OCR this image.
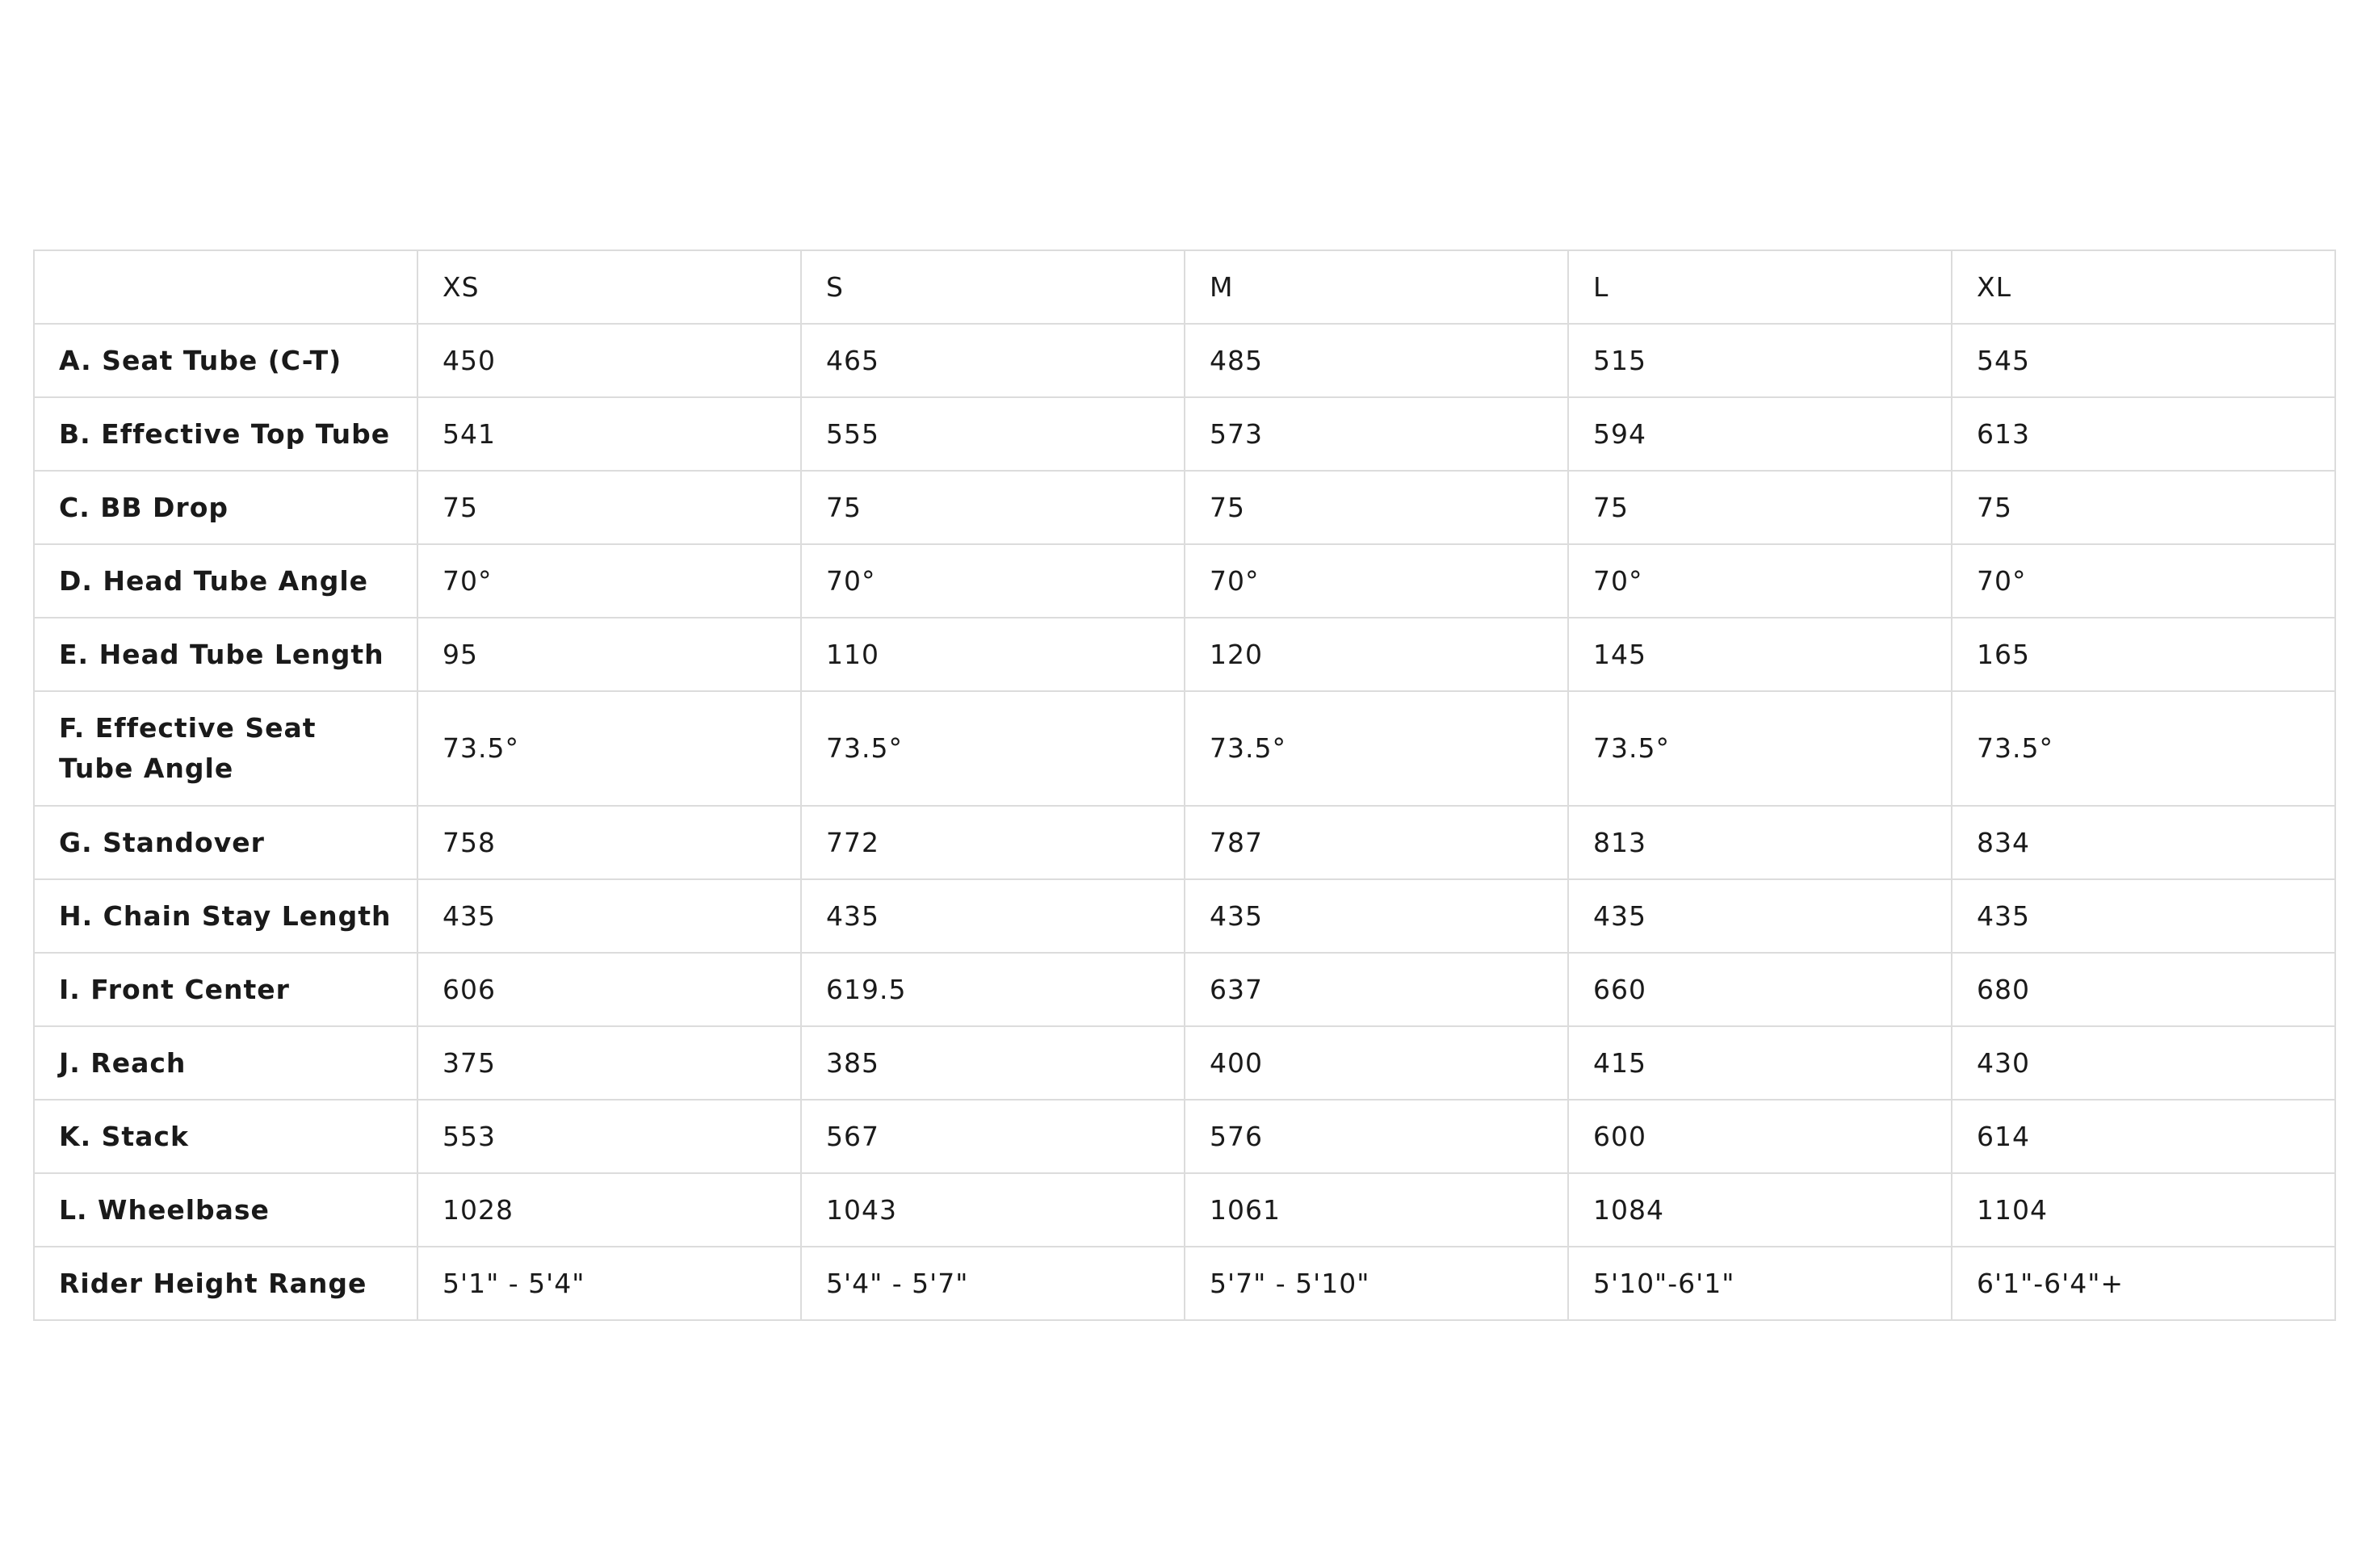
	XS	S	M	L	XL
A. Seat Tube (C-T)	450	465	485	515	545
B. Effective Top Tube	541	555	573	594	613
C. BB Drop	75	75	75	75	75
D. Head Tube Angle	70°	70°	70°	70°	70°
E. Head Tube Length	95	110	120	145	165
F. Effective Seat Tube Angle	73.5°	73.5°	73.5°	73.5°	73.5°
G. Standover	758	772	787	813	834
H. Chain Stay Length	435	435	435	435	435
I. Front Center	606	619.5	637	660	680
J. Reach	375	385	400	415	430
K. Stack	553	567	576	600	614
L. Wheelbase	1028	1043	1061	1084	1104
Rider Height Range	5'1" - 5'4"	5'4" - 5'7"	5'7" - 5'10"	5'10"-6'1"	6'1"-6'4"+
